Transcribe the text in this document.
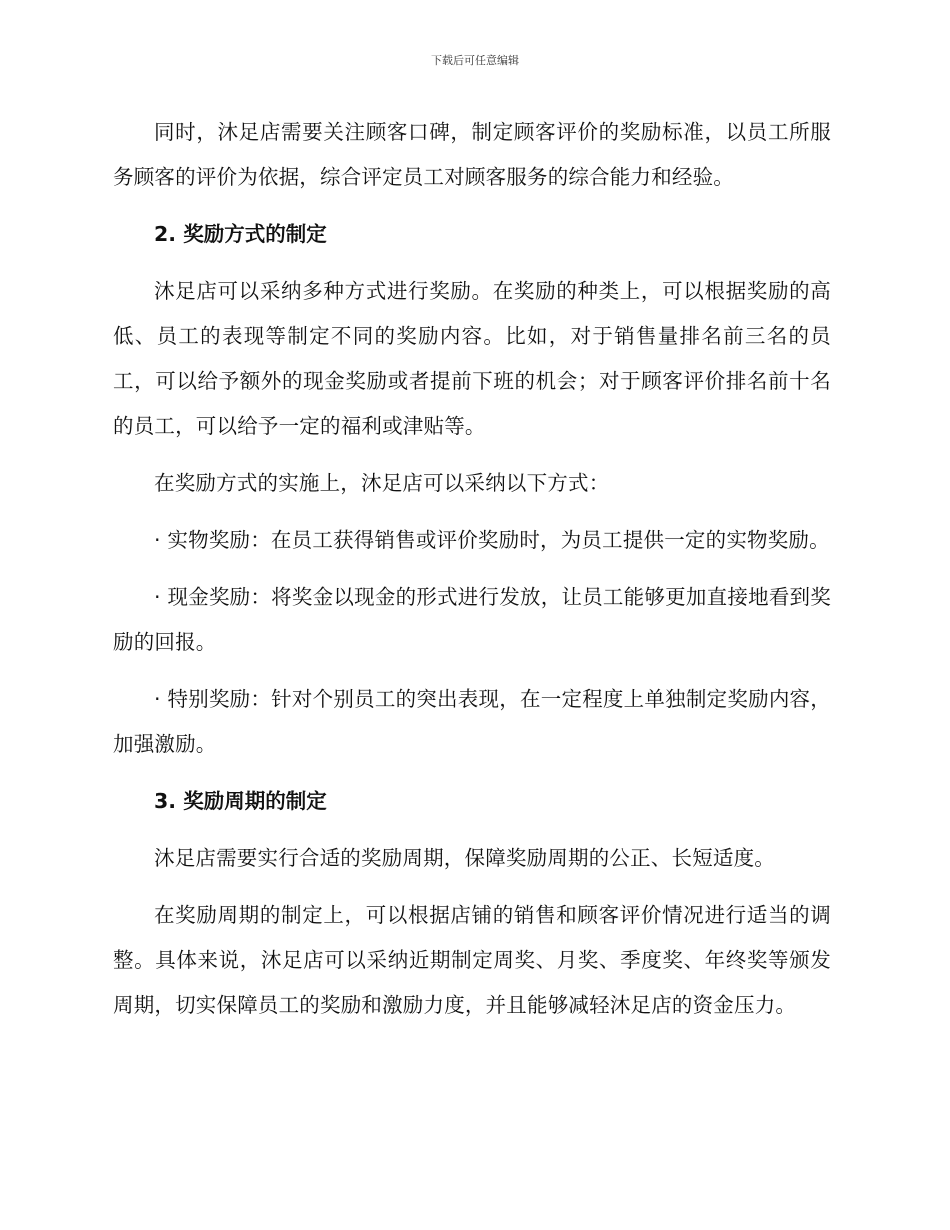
下载后可任意编辑

同时，沐足店需要关注顾客口碑，制定顾客评价的奖励标准，以员工所服务顾客的评价为依据，综合评定员工对顾客服务的综合能力和经验。

2. 奖励方式的制定

沐足店可以采纳多种方式进行奖励。在奖励的种类上，可以根据奖励的高低、员工的表现等制定不同的奖励内容。比如，对于销售量排名前三名的员工，可以给予额外的现金奖励或者提前下班的机会；对于顾客评价排名前十名的员工，可以给予一定的福利或津贴等。

在奖励方式的实施上，沐足店可以采纳以下方式：

· 实物奖励：在员工获得销售或评价奖励时，为员工提供一定的实物奖励。

· 现金奖励：将奖金以现金的形式进行发放，让员工能够更加直接地看到奖励的回报。

· 特别奖励：针对个别员工的突出表现，在一定程度上单独制定奖励内容，加强激励。

3. 奖励周期的制定

沐足店需要实行合适的奖励周期，保障奖励周期的公正、长短适度。

在奖励周期的制定上，可以根据店铺的销售和顾客评价情况进行适当的调整。具体来说，沐足店可以采纳近期制定周奖、月奖、季度奖、年终奖等颁发周期，切实保障员工的奖励和激励力度，并且能够减轻沐足店的资金压力。
